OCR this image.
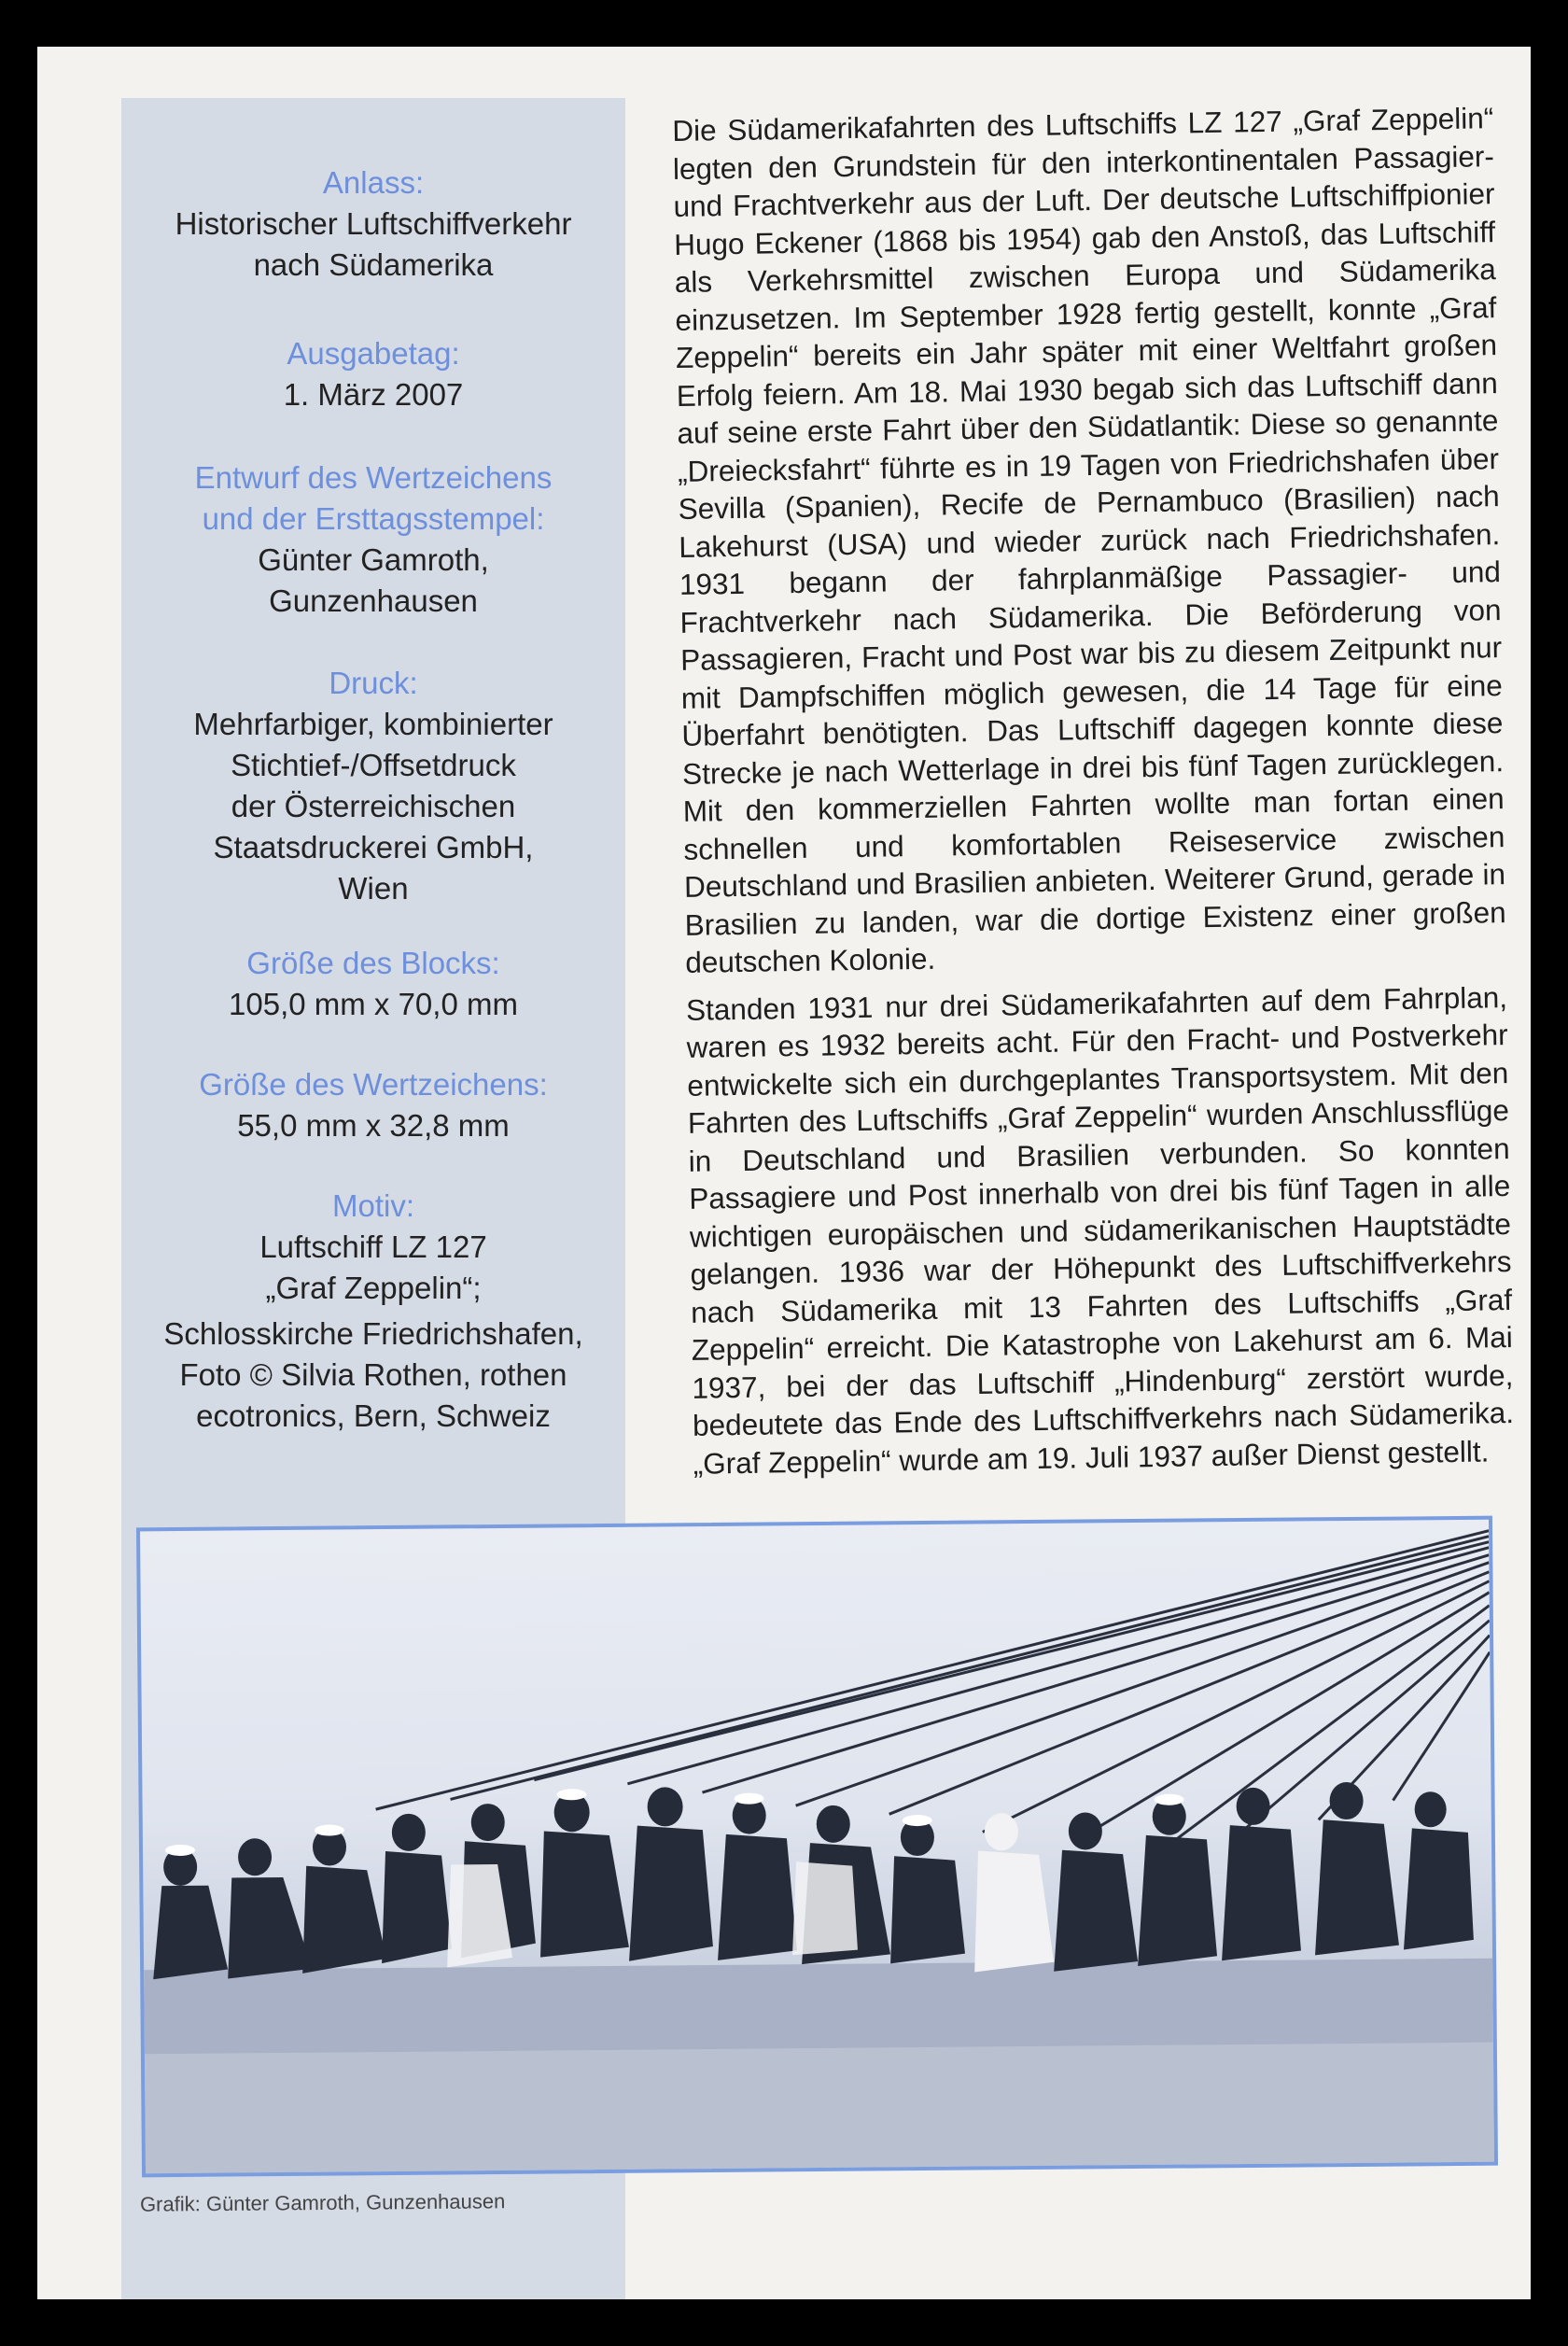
Anlass:
Historischer Luftschiffverkehr
nach Südamerika
Ausgabetag:
1. März 2007
Entwurf des Wertzeichens
und der Ersttagsstempel:
Günter Gamroth,
Gunzenhausen
Druck:
Mehrfarbiger, kombinierter
Stichtief-/Offsetdruck
der Österreichischen
Staatsdruckerei GmbH,
Wien
Größe des Blocks:
105,0 mm x 70,0 mm
Größe des Wertzeichens:
55,0 mm x 32,8 mm
Motiv:
Luftschiff LZ 127
„Graf Zeppelin“;
Schlosskirche Friedrichshafen,
Foto © Silvia Rothen, rothen
ecotronics, Bern, Schweiz

Die Südamerikafahrten des Luftschiffs LZ 127 „Graf Zeppelin“ legten den Grundstein für den interkontinentalen Passagier- und Frachtverkehr aus der Luft. Der deutsche Luftschiffpionier Hugo Eckener (1868 bis 1954) gab den Anstoß, das Luftschiff als Verkehrsmittel zwischen Europa und Südamerika einzusetzen. Im September 1928 fertig gestellt, konnte „Graf Zeppelin“ bereits ein Jahr später mit einer Weltfahrt großen Erfolg feiern. Am 18. Mai 1930 begab sich das Luftschiff dann auf seine erste Fahrt über den Südatlantik: Diese so genannte „Dreiecksfahrt“ führte es in 19 Tagen von Friedrichshafen über Sevilla (Spanien), Recife de Pernambuco (Brasilien) nach Lakehurst (USA) und wieder zurück nach Friedrichshafen. 1931 begann der fahrplanmäßige Passagier- und Frachtverkehr nach Südamerika. Die Beförderung von Passagieren, Fracht und Post war bis zu diesem Zeitpunkt nur mit Dampfschiffen möglich gewesen, die 14 Tage für eine Überfahrt benötigten. Das Luftschiff dagegen konnte diese Strecke je nach Wetterlage in drei bis fünf Tagen zurücklegen. Mit den kommerziellen Fahrten wollte man fortan einen schnellen und komfortablen Reiseservice zwischen Deutschland und Brasilien anbieten. Weiterer Grund, gerade in Brasilien zu landen, war die dortige Existenz einer großen deutschen Kolonie.

Standen 1931 nur drei Südamerikafahrten auf dem Fahrplan, waren es 1932 bereits acht. Für den Fracht- und Postverkehr entwickelte sich ein durchgeplantes Transportsystem. Mit den Fahrten des Luftschiffs „Graf Zeppelin“ wurden Anschlussflüge in Deutschland und Brasilien verbunden. So konnten Passagiere und Post innerhalb von drei bis fünf Tagen in alle wichtigen europäischen und südamerikanischen Hauptstädte gelangen. 1936 war der Höhepunkt des Luftschiffverkehrs nach Südamerika mit 13 Fahrten des Luftschiffs „Graf Zeppelin“ erreicht. Die Katastrophe von Lakehurst am 6. Mai 1937, bei der das Luftschiff „Hindenburg“ zerstört wurde, bedeutete das Ende des Luftschiffverkehrs nach Südamerika. „Graf Zeppelin“ wurde am 19. Juli 1937 außer Dienst gestellt.

Grafik: Günter Gamroth, Gunzenhausen
